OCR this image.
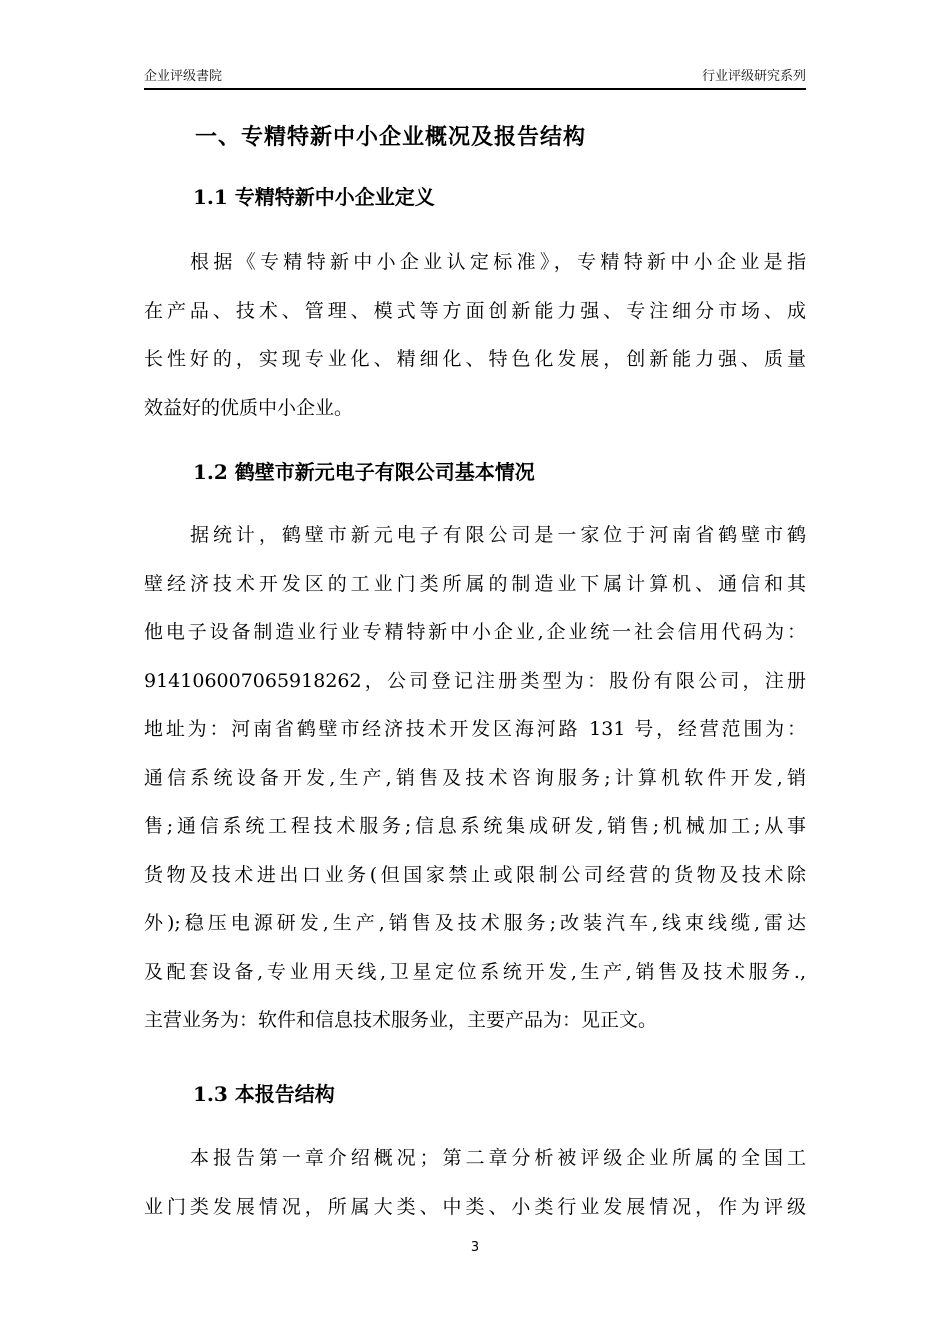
企业评级書院	行业评级研究系列
一、专精特新中小企业概况及报告结构
1.1 专精特新中小企业定义
根据《专精特新中小企业认定标准》，专精特新中小企业是指
在产品、技术、管理、模式等方面创新能力强、专注细分市场、成
长性好的，实现专业化、精细化、特色化发展，创新能力强、质量
效益好的优质中小企业。
1.2 鹤壁市新元电子有限公司基本情况
据统计，鹤壁市新元电子有限公司是一家位于河南省鹤壁市鹤
壁经济技术开发区的工业门类所属的制造业下属计算机、通信和其
他电子设备制造业行业专精特新中小企业,企业统一社会信用代码为：
914106007065918262，公司登记注册类型为：股份有限公司，注册
地址为：河南省鹤壁市经济技术开发区海河路 131 号，经营范围为：
通信系统设备开发,生产,销售及技术咨询服务;计算机软件开发,销
售;通信系统工程技术服务;信息系统集成研发,销售;机械加工;从事
货物及技术进出口业务(但国家禁止或限制公司经营的货物及技术除
外);稳压电源研发,生产,销售及技术服务;改装汽车,线束线缆,雷达
及配套设备,专业用天线,卫星定位系统开发,生产,销售及技术服务.,
主营业务为：软件和信息技术服务业，主要产品为：见正文。
1.3 本报告结构
本报告第一章介绍概况；第二章分析被评级企业所属的全国工
业门类发展情况，所属大类、中类、小类行业发展情况，作为评级
3
